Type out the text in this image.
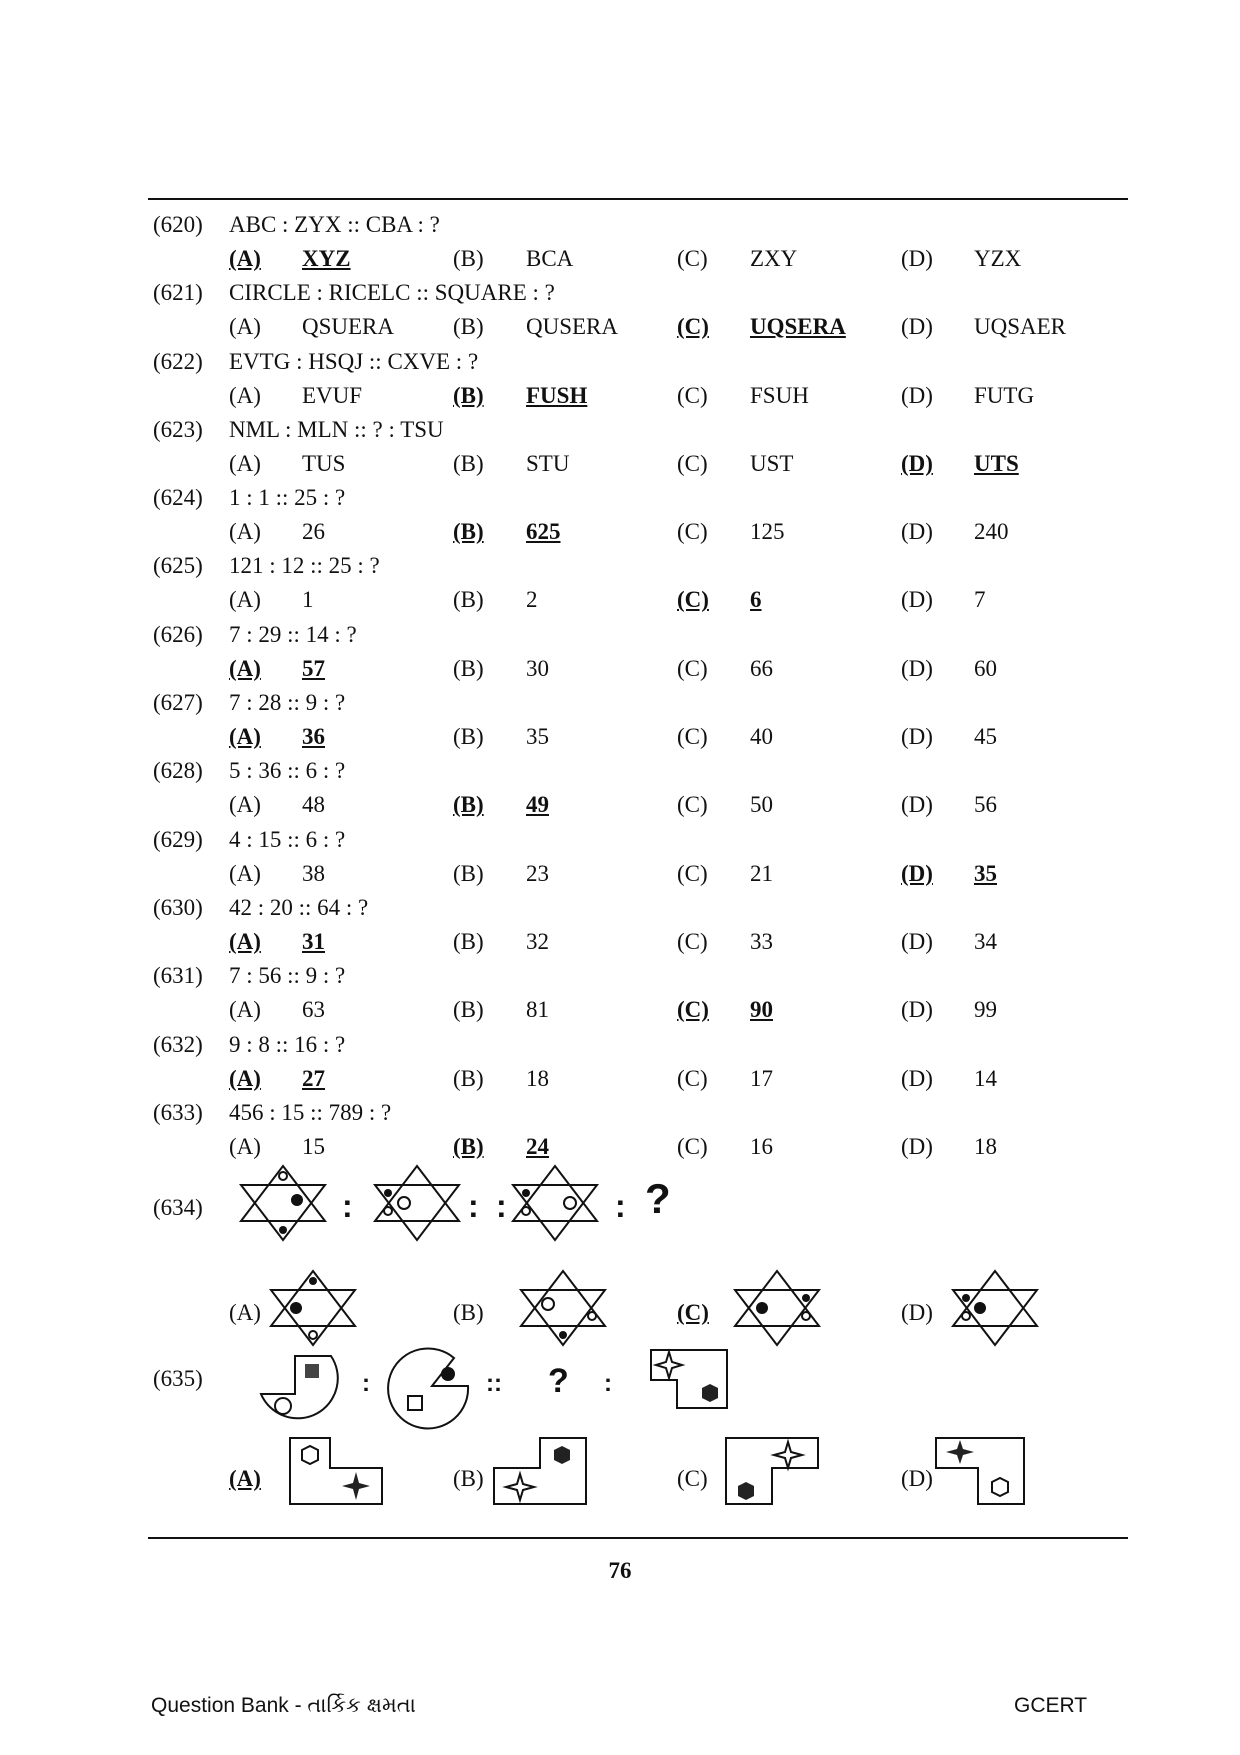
(620) ABC : ZYX :: CBA : ?
(A) XYZ	(B) BCA	(C) ZXY	(D) YZX
(621) CIRCLE : RICELC :: SQUARE : ?
(A) QSUERA	(B) QUSERA	(C) UQSERA (D) UQSAER
(622) EVTG : HSQJ :: CXVE : ?
(A) EVUF	(B) FUSH	(C) FSUH	(D) FUTG
(623) NML : MLN :: ? : TSU
(A) TUS	(B) STU	(C) UST	(D) UTS
(624) 1 : 1 :: 25 : ?
(A) 26	(B) 625	(C) 125	(D) 240
(625) 121 : 12 :: 25 : ?
(A) 1	(B) 2	(C) 6	(D) 7
(626) 7 : 29 :: 14 : ?
(A) 57	(B) 30	(C) 66	(D) 60
(627) 7 : 28 :: 9 : ?
(A) 36	(B) 35	(C) 40	(D) 45
(628) 5 : 36 :: 6 : ?
(A) 48	(B) 49	(C) 50	(D) 56
(629) 4 : 15 :: 6 : ?
(A) 38	(B) 23	(C) 21	(D) 35
(630) 42 : 20 :: 64 : ?
(A) 31	(B) 32	(C) 33	(D) 34
(631) 7 : 56 :: 9 : ?
(A) 63	(B) 81	(C) 90	(D) 99
(632) 9 : 8 :: 16 : ?
(A) 27	(B) 18	(C) 17	(D) 14
(633) 456 : 15 :: 789 : ?
(A) 15	(B) 24	(C) 16	(D) 18
(634)	:	: :	: ?
(A)	(B)	(C)	(D)
(635)	:	:: ? :
(A)	(B)	(C)	(D)
76
Question Bank - તાર્કિક ક્ષમતા	GCERT
